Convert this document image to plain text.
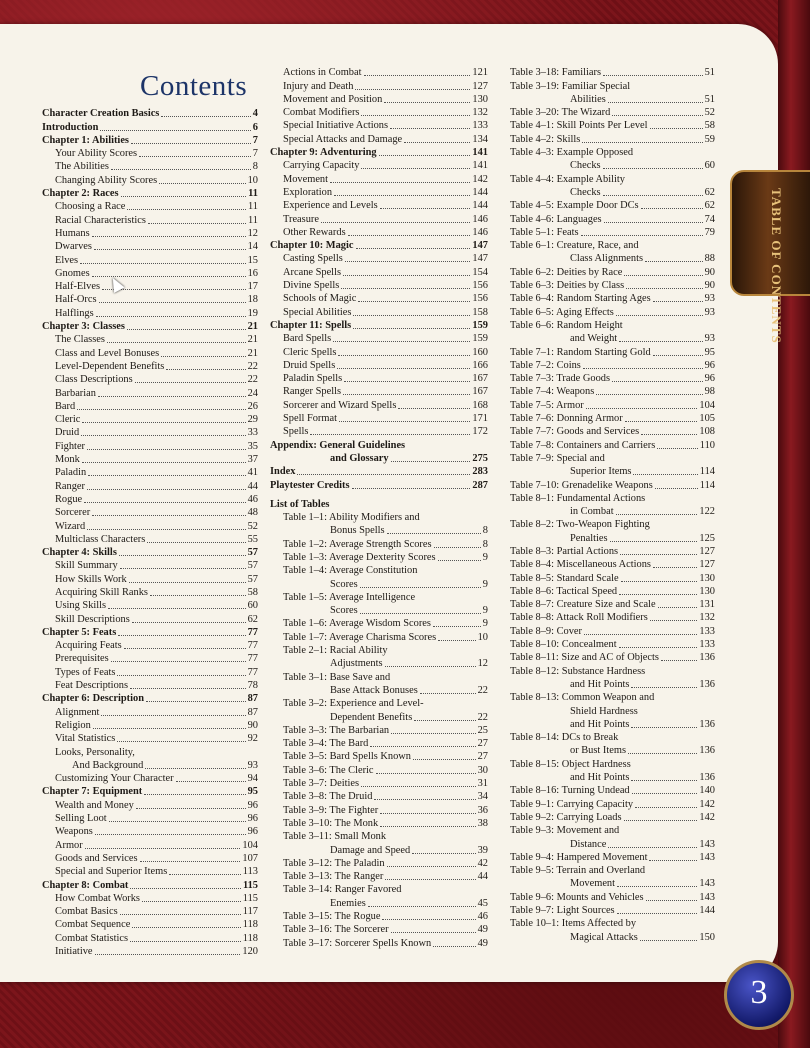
TABLE OF CONTENTS
Contents
Character Creation Basics	4
Introduction	6
Chapter 1: Abilities	7
Your Ability Scores	7
The Abilities	8
Changing Ability Scores	10
Chapter 2: Races	11
Choosing a Race	11
Racial Characteristics	11
Humans	12
Dwarves	14
Elves	15
Gnomes	16
Half-Elves	17
Half-Orcs	18
Halflings	19
Chapter 3: Classes	21
The Classes	21
Class and Level Bonuses	21
Level-Dependent Benefits	22
Class Descriptions	22
Barbarian	24
Bard	26
Cleric	29
Druid	33
Fighter	35
Monk	37
Paladin	41
Ranger	44
Rogue	46
Sorcerer	48
Wizard	52
Multiclass Characters	55
Chapter 4: Skills	57
Skill Summary	57
How Skills Work	57
Acquiring Skill Ranks	58
Using Skills	60
Skill Descriptions	62
Chapter 5: Feats	77
Acquiring Feats	77
Prerequisites	77
Types of Feats	77
Feat Descriptions	78
Chapter 6: Description	87
Alignment	87
Religion	90
Vital Statistics	92
Looks, Personality,
And Background	93
Customizing Your Character	94
Chapter 7: Equipment	95
Wealth and Money	96
Selling Loot	96
Weapons	96
Armor	104
Goods and Services	107
Special and Superior Items	113
Chapter 8: Combat	115
How Combat Works	115
Combat Basics	117
Combat Sequence	118
Combat Statistics	118
Initiative	120
Actions in Combat	121
Injury and Death	127
Movement and Position	130
Combat Modifiers	132
Special Initiative Actions	133
Special Attacks and Damage	134
Chapter 9: Adventuring	141
Carrying Capacity	141
Movement	142
Exploration	144
Experience and Levels	144
Treasure	146
Other Rewards	146
Chapter 10: Magic	147
Casting Spells	147
Arcane Spells	154
Divine Spells	156
Schools of Magic	156
Special Abilities	158
Chapter 11: Spells	159
Bard Spells	159
Cleric Spells	160
Druid Spells	166
Paladin Spells	167
Ranger Spells	167
Sorcerer and Wizard Spells	168
Spell Format	171
Spells	172
Appendix: General Guidelines
and Glossary	275
Index	283
Playtester Credits	287
List of Tables
Table 1–1: Ability Modifiers and
Bonus Spells	8
Table 1–2: Average Strength Scores	8
Table 1–3: Average Dexterity Scores	9
Table 1–4: Average Constitution
Scores	9
Table 1–5: Average Intelligence
Scores	9
Table 1–6: Average Wisdom Scores	9
Table 1–7: Average Charisma Scores	10
Table 2–1: Racial Ability
Adjustments	12
Table 3–1: Base Save and
Base Attack Bonuses	22
Table 3–2: Experience and Level-
Dependent Benefits	22
Table 3–3: The Barbarian	25
Table 3–4: The Bard	27
Table 3–5: Bard Spells Known	27
Table 3–6: The Cleric	30
Table 3–7: Deities	31
Table 3–8: The Druid	34
Table 3–9: The Fighter	36
Table 3–10: The Monk	38
Table 3–11: Small Monk
Damage and Speed	39
Table 3–12: The Paladin	42
Table 3–13: The Ranger	44
Table 3–14: Ranger Favored
Enemies	45
Table 3–15: The Rogue	46
Table 3–16: The Sorcerer	49
Table 3–17: Sorcerer Spells Known	49
Table 3–18: Familiars	51
Table 3–19: Familiar Special
Abilities	51
Table 3–20: The Wizard	52
Table 4–1: Skill Points Per Level	58
Table 4–2: Skills	59
Table 4–3: Example Opposed
Checks	60
Table 4–4: Example Ability
Checks	62
Table 4–5: Example Door DCs	62
Table 4–6: Languages	74
Table 5–1: Feats	79
Table 6–1: Creature, Race, and
Class Alignments	88
Table 6–2: Deities by Race	90
Table 6–3: Deities by Class	90
Table 6–4: Random Starting Ages	93
Table 6–5: Aging Effects	93
Table 6–6: Random Height
and Weight	93
Table 7–1: Random Starting Gold	95
Table 7–2: Coins	96
Table 7–3: Trade Goods	96
Table 7–4: Weapons	98
Table 7–5: Armor	104
Table 7–6: Donning Armor	105
Table 7–7: Goods and Services	108
Table 7–8: Containers and Carriers	110
Table 7–9: Special and
Superior Items	114
Table 7–10: Grenadelike Weapons	114
Table 8–1: Fundamental Actions
in Combat	122
Table 8–2: Two-Weapon Fighting
Penalties	125
Table 8–3: Partial Actions	127
Table 8–4: Miscellaneous Actions	127
Table 8–5: Standard Scale	130
Table 8–6: Tactical Speed	130
Table 8–7: Creature Size and Scale	131
Table 8–8: Attack Roll Modifiers	132
Table 8–9: Cover	133
Table 8–10: Concealment	133
Table 8–11: Size and AC of Objects	136
Table 8–12: Substance Hardness
and Hit Points	136
Table 8–13: Common Weapon and
Shield Hardness
and Hit Points	136
Table 8–14: DCs to Break
or Bust Items	136
Table 8–15: Object Hardness
and Hit Points	136
Table 8–16: Turning Undead	140
Table 9–1: Carrying Capacity	142
Table 9–2: Carrying Loads	142
Table 9–3: Movement and
Distance	143
Table 9–4: Hampered Movement	143
Table 9–5: Terrain and Overland
Movement	143
Table 9–6: Mounts and Vehicles	143
Table 9–7: Light Sources	144
Table 10–1: Items Affected by
Magical Attacks	150
3
